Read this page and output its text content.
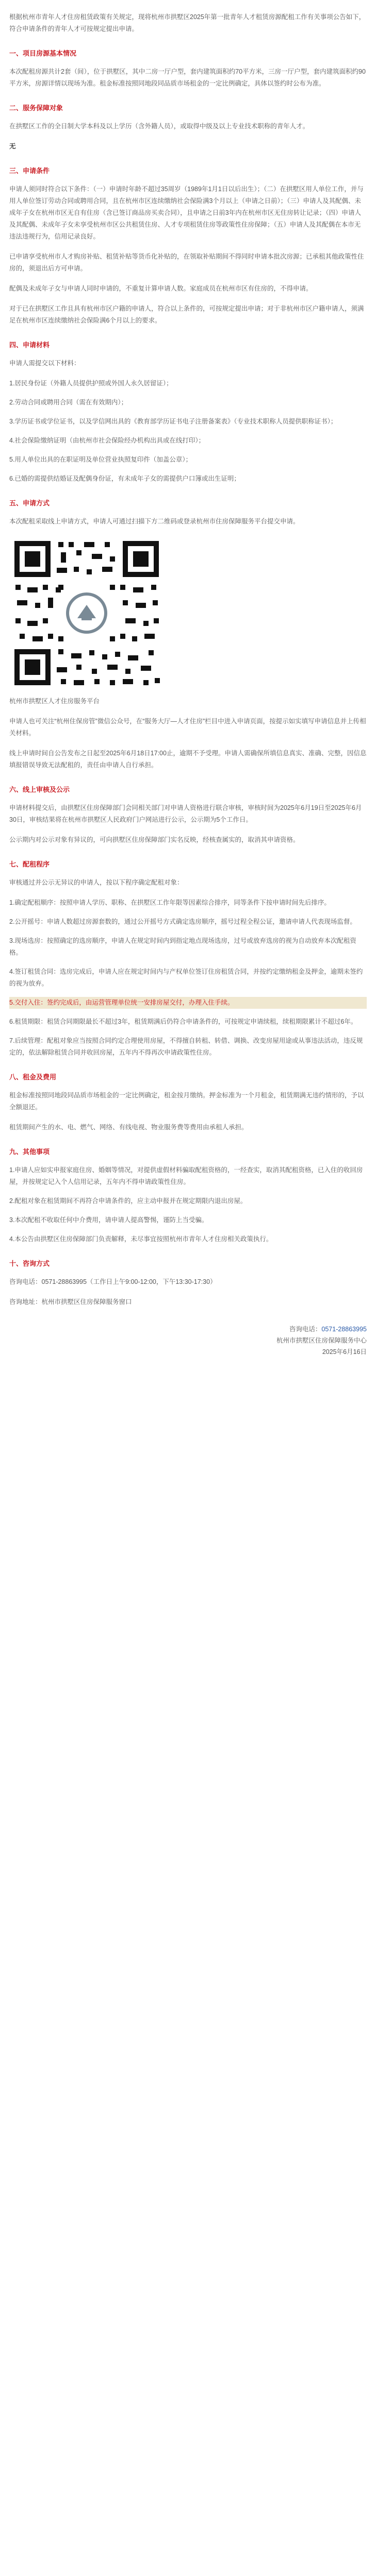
根据杭州市青年人才住房租赁政策有关规定，现将杭州市拱墅区2025年第一批青年人才租赁房源配租工作有关事项公告如下，符合申请条件的青年人才可按规定提出申请。

一、项目房源基本情况

本次配租房源共计2套（间），位于拱墅区，其中二房一厅户型，套内建筑面积约70平方米，三房一厅户型，套内建筑面积约90平方米，房源详情以现场为准。租金标准按照同地段同品质市场租金的一定比例确定，具体以签约时公布为准。

二、服务保障对象

在拱墅区工作的全日制大学本科及以上学历（含外籍人员），或取得中级及以上专业技术职称的青年人才。

无

三、申请条件

申请人须同时符合以下条件：（一）申请时年龄不超过35周岁（1989年1月1日以后出生）；（二）在拱墅区用人单位工作，并与用人单位签订劳动合同或聘用合同，且在杭州市区连续缴纳社会保险满3个月以上（申请之日前）；（三）申请人及其配偶、未成年子女在杭州市区无自有住房（含已签订商品房买卖合同），且申请之日前3年内在杭州市区无住房转让记录；（四）申请人及其配偶、未成年子女未享受杭州市区公共租赁住房、人才专项租赁住房等政策性住房保障；（五）申请人及其配偶在本市无违法违规行为，信用记录良好。

已申请享受杭州市人才购房补贴、租赁补贴等货币化补贴的，在领取补贴期间不得同时申请本批次房源；已承租其他政策性住房的，须退出后方可申请。

配偶及未成年子女与申请人同时申请的，不重复计算申请人数。家庭成员在杭州市区有住房的，不得申请。

对于已在拱墅区工作且具有杭州市区户籍的申请人，符合以上条件的，可按规定提出申请；对于非杭州市区户籍申请人，须满足在杭州市区连续缴纳社会保险满6个月以上的要求。

四、申请材料

申请人需提交以下材料：

1.居民身份证（外籍人员提供护照或外国人永久居留证）；
2.劳动合同或聘用合同（需在有效期内）；
3.学历证书或学位证书，以及学信网出具的《教育部学历证书电子注册备案表》（专业技术职称人员提供职称证书）；
4.社会保险缴纳证明（由杭州市社会保险经办机构出具或在线打印）；
5.用人单位出具的在职证明及单位营业执照复印件（加盖公章）；
6.已婚的需提供结婚证及配偶身份证，有未成年子女的需提供户口簿或出生证明；
五、申请方式

本次配租采取线上申请方式，申请人可通过扫描下方二维码或登录杭州市住房保障服务平台提交申请。

杭州市拱墅区人才住房服务平台

申请人也可关注“杭州住保房管”微信公众号，在“服务大厅—人才住房”栏目中进入申请页面，按提示如实填写申请信息并上传相关材料。

线上申请时间自公告发布之日起至2025年6月18日17:00止，逾期不予受理。申请人需确保所填信息真实、准确、完整，因信息填报错误导致无法配租的，责任由申请人自行承担。

六、线上审核及公示

申请材料提交后，由拱墅区住房保障部门会同相关部门对申请人资格进行联合审核，审核时间为2025年6月19日至2025年6月30日，审核结果将在杭州市拱墅区人民政府门户网站进行公示，公示期为5个工作日。

公示期内对公示对象有异议的，可向拱墅区住房保障部门实名反映，经核查属实的，取消其申请资格。

七、配租程序

审核通过并公示无异议的申请人，按以下程序确定配租对象：

1.确定配租顺序：按照申请人学历、职称、在拱墅区工作年限等因素综合排序，同等条件下按申请时间先后排序。
2.公开摇号：申请人数超过房源套数的，通过公开摇号方式确定选房顺序，摇号过程全程公证，邀请申请人代表现场监督。
3.现场选房：按照确定的选房顺序，申请人在规定时间内到指定地点现场选房，过号或放弃选房的视为自动放弃本次配租资格。
4.签订租赁合同：选房完成后，申请人应在规定时间内与产权单位签订住房租赁合同，并按约定缴纳租金及押金，逾期未签约的视为放弃。
5.交付入住：签约完成后，由运营管理单位统一安排房屋交付，办理入住手续。
6.租赁期限：租赁合同期限最长不超过3年，租赁期满后仍符合申请条件的，可按规定申请续租，续租期限累计不超过6年。
7.后续管理：配租对象应当按照合同约定合理使用房屋，不得擅自转租、转借、调换、改变房屋用途或从事违法活动，违反规定的，依法解除租赁合同并收回房屋，五年内不得再次申请政策性住房。
八、租金及费用

租金标准按照同地段同品质市场租金的一定比例确定，租金按月缴纳。押金标准为一个月租金，租赁期满无违约情形的，予以全额退还。

租赁期间产生的水、电、燃气、网络、有线电视、物业服务费等费用由承租人承担。

九、其他事项
1.申请人应如实申报家庭住房、婚姻等情况，对提供虚假材料骗取配租资格的，一经查实，取消其配租资格，已入住的收回房屋，并按规定记入个人信用记录，五年内不得申请政策性住房。
2.配租对象在租赁期间不再符合申请条件的，应主动申报并在规定期限内退出房屋。
3.本次配租不收取任何中介费用，请申请人提高警惕，谨防上当受骗。
4.本公告由拱墅区住房保障部门负责解释，未尽事宜按照杭州市青年人才住房相关政策执行。
十、咨询方式

咨询电话：0571-28863995（工作日上午9:00-12:00，下午13:30-17:30）

咨询地址：杭州市拱墅区住房保障服务窗口

咨询电话：0571-28863995
杭州市拱墅区住房保障服务中心
2025年6月16日
